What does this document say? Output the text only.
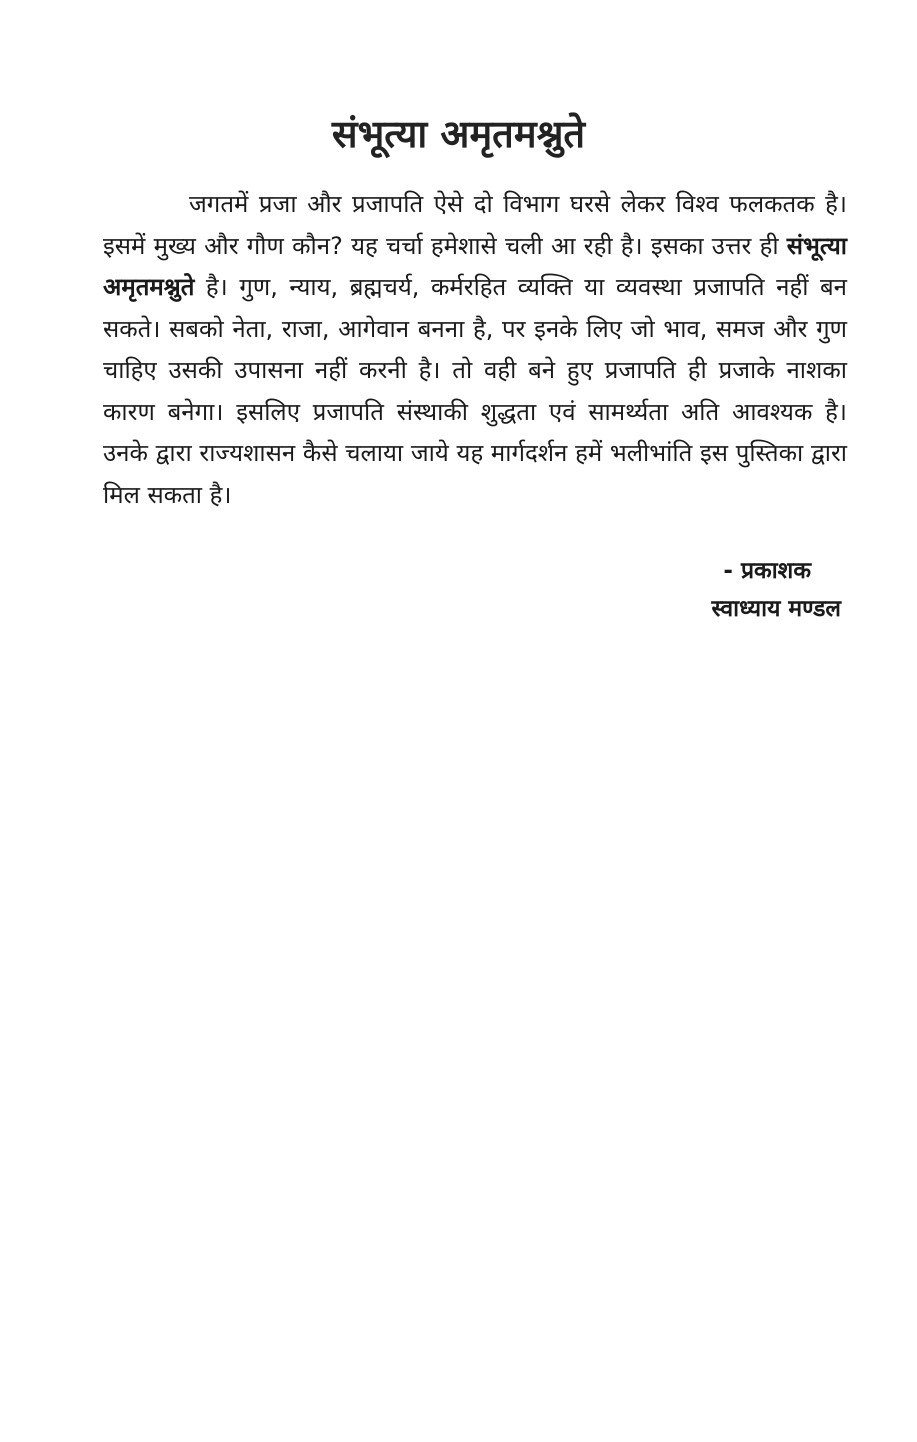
संभूत्या अमृतमश्नुते

जगतमें प्रजा और प्रजापति ऐसे दो विभाग घरसे लेकर विश्व फलकतक है। इसमें मुख्य और गौण कौन? यह चर्चा हमेशासे चली आ रही है। इसका उत्तर ही संभूत्या अमृतमश्नुते है। गुण, न्याय, ब्रह्मचर्य, कर्मरहित व्यक्ति या व्यवस्था प्रजापति नहीं बन सकते। सबको नेता, राजा, आगेवान बनना है, पर इनके लिए जो भाव, समज और गुण चाहिए उसकी उपासना नहीं करनी है। तो वही बने हुए प्रजापति ही प्रजाके नाशका कारण बनेगा। इसलिए प्रजापति संस्थाकी शुद्धता एवं सामर्थ्यता अति आवश्यक है। उनके द्वारा राज्यशासन कैसे चलाया जाये यह मार्गदर्शन हमें भलीभांति इस पुस्तिका द्वारा मिल सकता है।

- प्रकाशक
स्वाध्याय मण्डल
